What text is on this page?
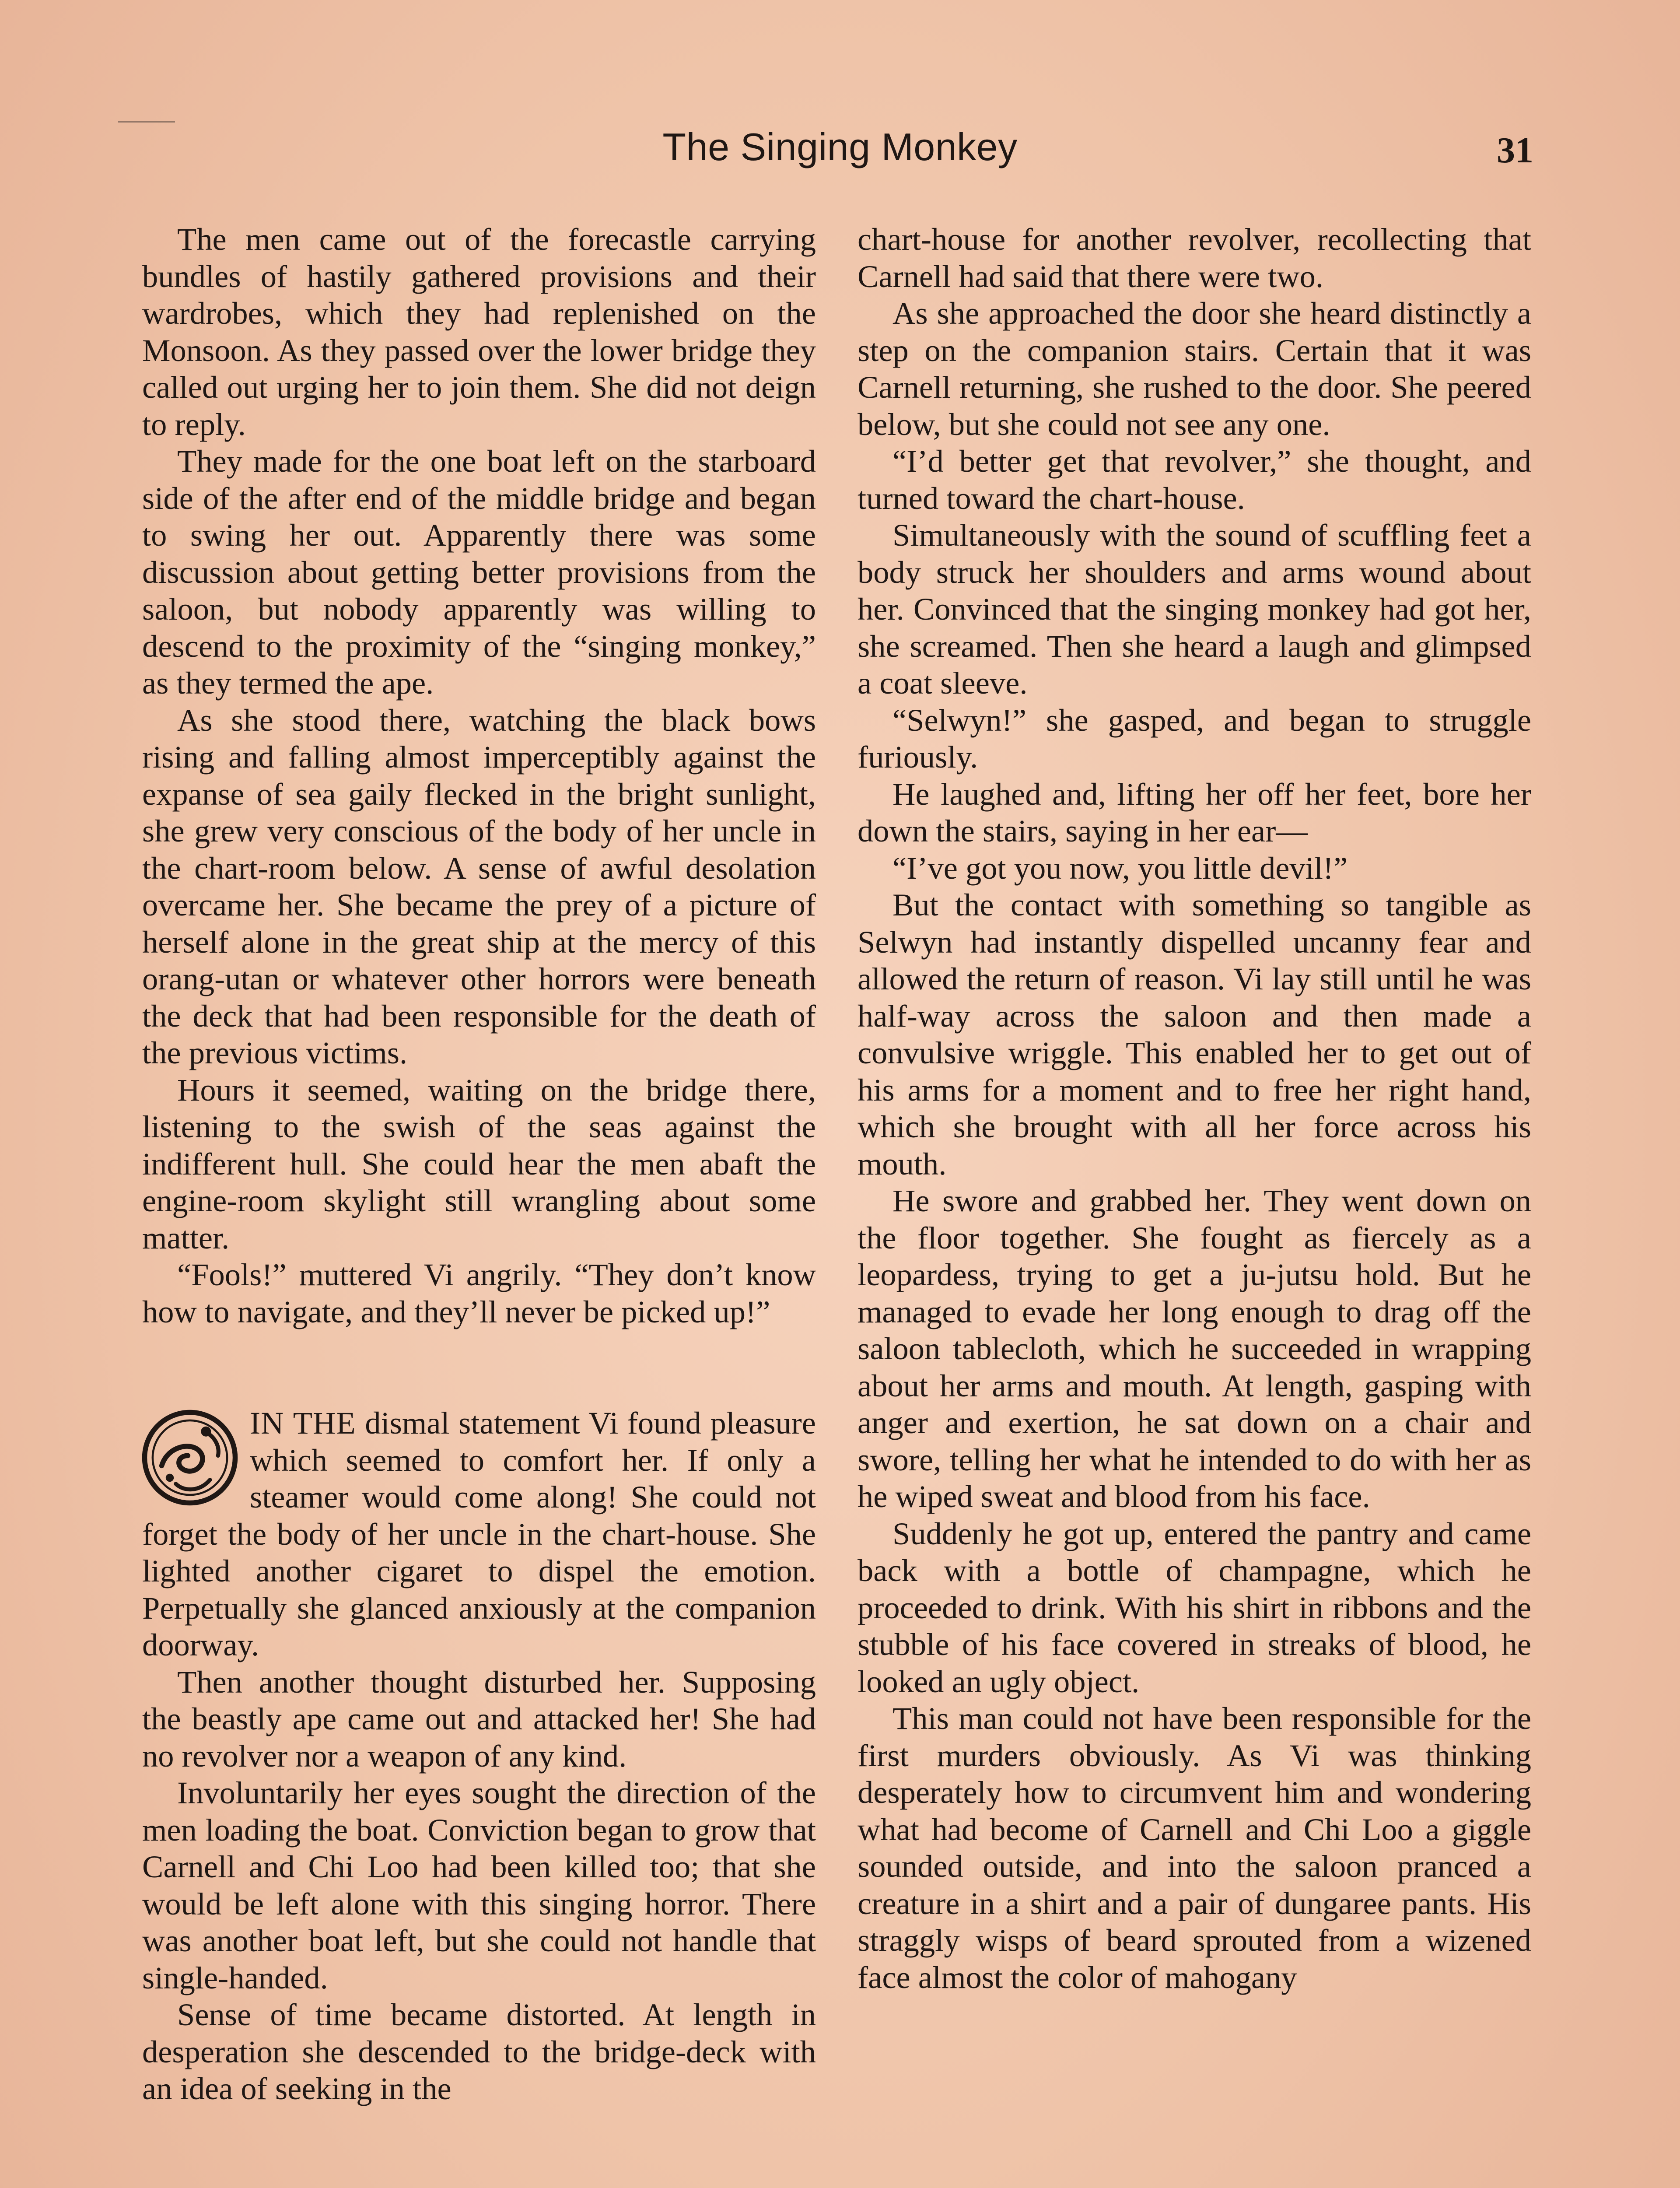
The Singing Monkey	31

The men came out of the forecastle carrying bundles of hastily gathered provisions and their wardrobes, which they had replenished on the Monsoon. As they passed over the lower bridge they called out urging her to join them. She did not deign to reply.

They made for the one boat left on the starboard side of the after end of the middle bridge and began to swing her out. Apparently there was some discussion about getting better provisions from the saloon, but nobody apparently was willing to descend to the proximity of the “singing monkey,” as they termed the ape.

As she stood there, watching the black bows rising and falling almost imperceptibly against the expanse of sea gaily flecked in the bright sunlight, she grew very conscious of the body of her uncle in the chart-room below. A sense of awful desolation overcame her. She became the prey of a picture of herself alone in the great ship at the mercy of this orang-utan or whatever other horrors were beneath the deck that had been responsible for the death of the previous victims.

Hours it seemed, waiting on the bridge there, listening to the swish of the seas against the indifferent hull. She could hear the men abaft the engine-room skylight still wrangling about some matter.

“Fools!” muttered Vi angrily. “They don’t know how to navigate, and they’ll never be picked up!”

IN THE dismal statement Vi found pleasure which seemed to comfort her. If only a steamer would come along! She could not forget the body of her uncle in the chart-house. She lighted another cigaret to dispel the emotion. Perpetually she glanced anxiously at the companion doorway.

Then another thought disturbed her. Supposing the beastly ape came out and attacked her! She had no revolver nor a weapon of any kind.

Involuntarily her eyes sought the direction of the men loading the boat. Conviction began to grow that Carnell and Chi Loo had been killed too; that she would be left alone with this singing horror. There was another boat left, but she could not handle that single-handed.

Sense of time became distorted. At length in desperation she descended to the bridge-deck with an idea of seeking in the

chart-house for another revolver, recollecting that Carnell had said that there were two.

As she approached the door she heard distinctly a step on the companion stairs. Certain that it was Carnell returning, she rushed to the door. She peered below, but she could not see any one.

“I’d better get that revolver,” she thought, and turned toward the chart-house.

Simultaneously with the sound of scuffling feet a body struck her shoulders and arms wound about her. Convinced that the singing monkey had got her, she screamed. Then she heard a laugh and glimpsed a coat sleeve.

“Selwyn!” she gasped, and began to struggle furiously.

He laughed and, lifting her off her feet, bore her down the stairs, saying in her ear—

“I’ve got you now, you little devil!”

But the contact with something so tangible as Selwyn had instantly dispelled uncanny fear and allowed the return of reason. Vi lay still until he was half-way across the saloon and then made a convulsive wriggle. This enabled her to get out of his arms for a moment and to free her right hand, which she brought with all her force across his mouth.

He swore and grabbed her. They went down on the floor together. She fought as fiercely as a leopardess, trying to get a ju-jutsu hold. But he managed to evade her long enough to drag off the saloon tablecloth, which he succeeded in wrapping about her arms and mouth. At length, gasping with anger and exertion, he sat down on a chair and swore, telling her what he intended to do with her as he wiped sweat and blood from his face.

Suddenly he got up, entered the pantry and came back with a bottle of champagne, which he proceeded to drink. With his shirt in ribbons and the stubble of his face covered in streaks of blood, he looked an ugly object.

This man could not have been responsible for the first murders obviously. As Vi was thinking desperately how to circumvent him and wondering what had become of Carnell and Chi Loo a giggle sounded outside, and into the saloon pranced a creature in a shirt and a pair of dungaree pants. His straggly wisps of beard sprouted from a wizened face almost the color of mahogany
